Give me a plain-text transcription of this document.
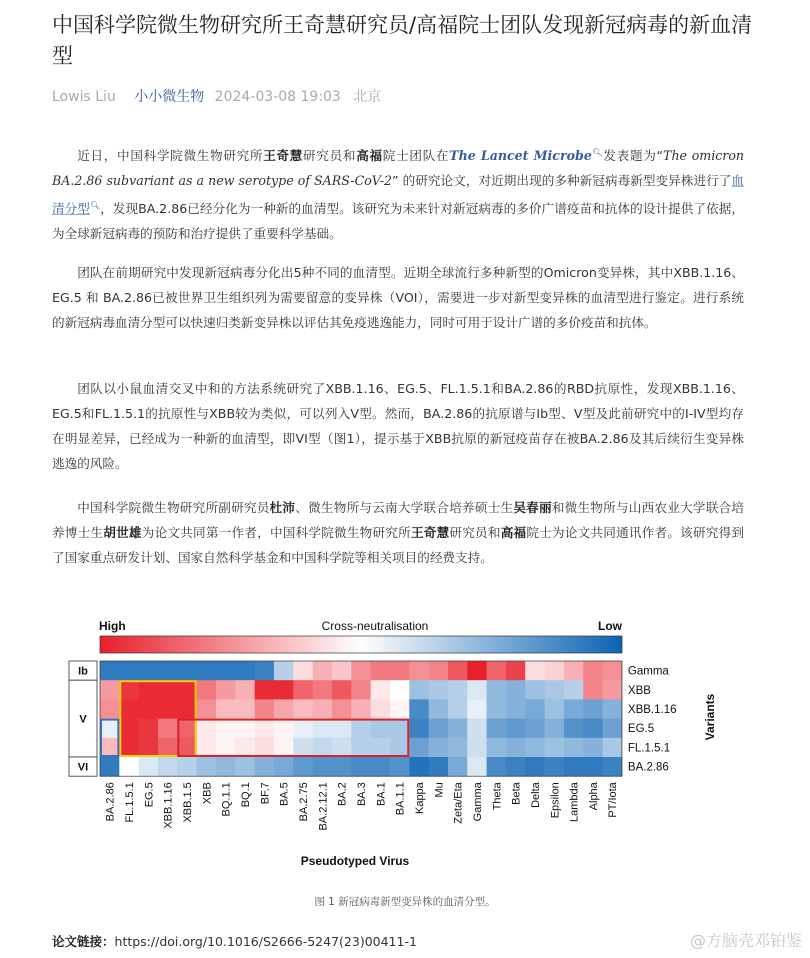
中国科学院微生物研究所王奇慧研究员/高福院士团队发现新冠病毒的新血清型
Lowis Liu 小小微生物 2024-03-08 19:03 北京

近日，中国科学院微生物研究所王奇慧研究员和高福院士团队在The Lancet Microbe🔍︎发表题为“The omicron BA.2.86 subvariant as a new serotype of SARS-CoV-2” 的研究论文，对近期出现的多种新冠病毒新型变异株进行了血清分型🔍︎，发现BA.2.86已经分化为一种新的血清型。该研究为未来针对新冠病毒的多价广谱疫苗和抗体的设计提供了依据，为全球新冠病毒的预防和治疗提供了重要科学基础。

团队在前期研究中发现新冠病毒分化出5种不同的血清型。近期全球流行多种新型的Omicron变异株，其中XBB.1.16、EG.5 和 BA.2.86已被世界卫生组织列为需要留意的变异株（VOI），需要进一步对新型变异株的血清型进行鉴定。进行系统的新冠病毒血清分型可以快速归类新变异株以评估其免疫逃逸能力，同时可用于设计广谱的多价疫苗和抗体。

团队以小鼠血清交叉中和的方法系统研究了XBB.1.16、EG.5、FL.1.5.1和BA.2.86的RBD抗原性，发现XBB.1.16、EG.5和FL.1.5.1的抗原性与XBB较为类似，可以列入V型。然而，BA.2.86的抗原谱与Ib型、V型及此前研究中的I-IV型均存在明显差异，已经成为一种新的血清型，即VI型（图1），提示基于XBB抗原的新冠疫苗存在被BA.2.86及其后续衍生变异株逃逸的风险。

中国科学院微生物研究所副研究员杜沛、微生物所与云南大学联合培养硕士生吴春丽和微生物所与山西农业大学联合培养博士生胡世雄为论文共同第一作者，中国科学院微生物研究所王奇慧研究员和高福院士为论文共同通讯作者。该研究得到了国家重点研发计划、国家自然科学基金和中国科学院等相关项目的经费支持。

High	Cross-neutralisation	Low
Ib
V
VI
Gamma
XBB
XBB.1.16
EG.5
FL.1.5.1
BA.2.86
BA.2.86 FL.1.5.1 EG.5 XBB.1.16 XBB.1.5 XBB BQ.1.1 BQ.1 BF.7 BA.5 BA.2.75 BA.2.12.1 BA.2 BA.3 BA.1 BA.1.1 Kappa Mu Zeta/Eta Gamma Theta Beta Delta Epsilon Lambda Alpha PT/Iota
Pseudotyped Virus
Variants
图 1 新冠病毒新型变异株的血清分型。
论文链接：https://doi.org/10.1016/S2666-5247(23)00411-1	@方脑壳邓铂鉴
